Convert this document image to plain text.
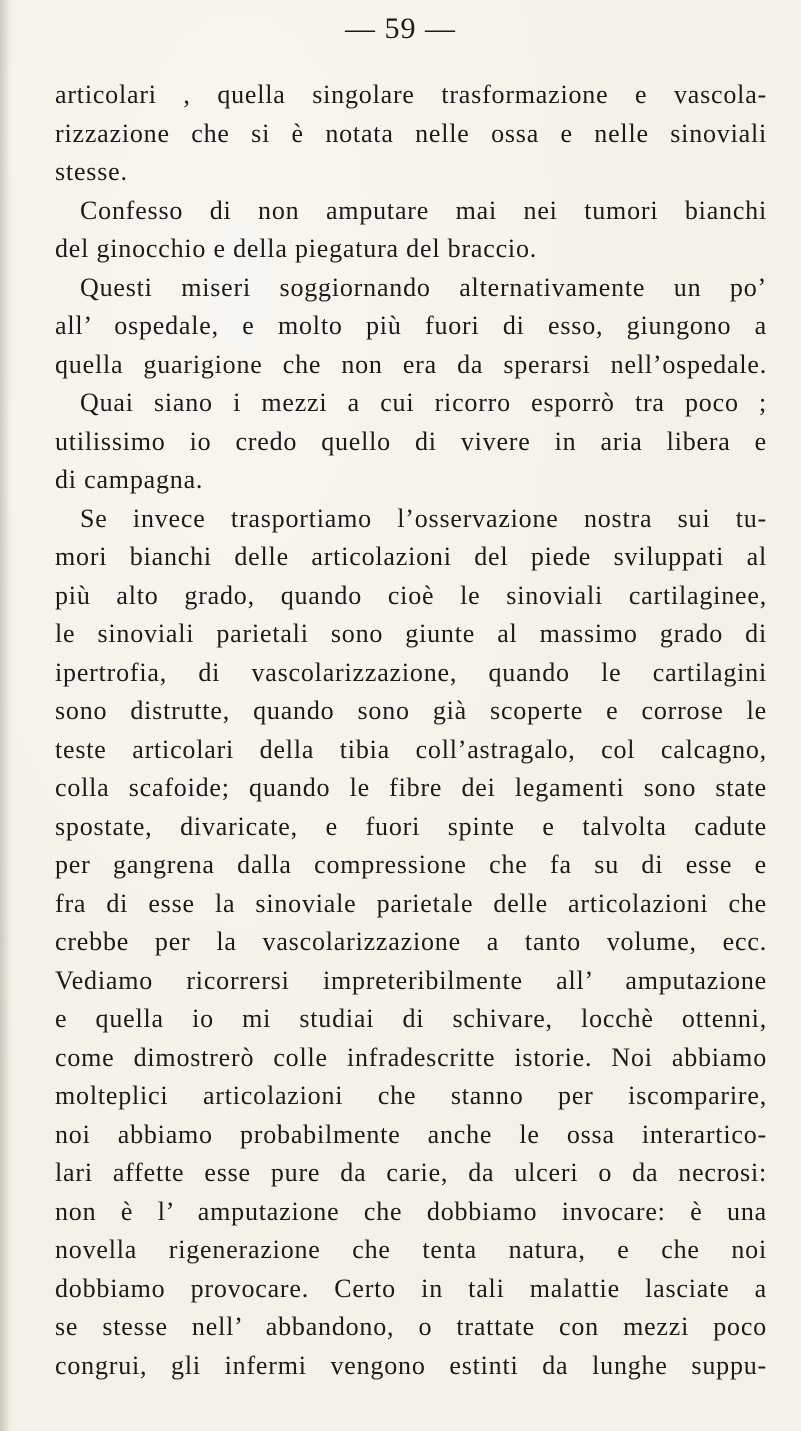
— 59 —
articolari , quella singolare trasformazione e vascola-
rizzazione che si è notata nelle ossa e nelle sinoviali
stesse.
Confesso di non amputare mai nei tumori bianchi
del ginocchio e della piegatura del braccio.
Questi miseri soggiornando alternativamente un po’
all’ ospedale, e molto più fuori di esso, giungono a
quella guarigione che non era da sperarsi nell’ospedale.
Quai siano i mezzi a cui ricorro esporrò tra poco ;
utilissimo io credo quello di vivere in aria libera e
di campagna.
Se invece trasportiamo l’osservazione nostra sui tu-
mori bianchi delle articolazioni del piede sviluppati al
più alto grado, quando cioè le sinoviali cartilaginee,
le sinoviali parietali sono giunte al massimo grado di
ipertrofia, di vascolarizzazione, quando le cartilagini
sono distrutte, quando sono già scoperte e corrose le
teste articolari della tibia coll’astragalo, col calcagno,
colla scafoide; quando le fibre dei legamenti sono state
spostate, divaricate, e fuori spinte e talvolta cadute
per gangrena dalla compressione che fa su di esse e
fra di esse la sinoviale parietale delle articolazioni che
crebbe per la vascolarizzazione a tanto volume, ecc.
Vediamo ricorrersi impreteribilmente all’ amputazione
e quella io mi studiai di schivare, locchè ottenni,
come dimostrerò colle infradescritte istorie. Noi abbiamo
molteplici articolazioni che stanno per iscomparire,
noi abbiamo probabilmente anche le ossa interartico-
lari affette esse pure da carie, da ulceri o da necrosi:
non è l’ amputazione che dobbiamo invocare: è una
novella rigenerazione che tenta natura, e che noi
dobbiamo provocare. Certo in tali malattie lasciate a
se stesse nell’ abbandono, o trattate con mezzi poco
congrui, gli infermi vengono estinti da lunghe suppu-
